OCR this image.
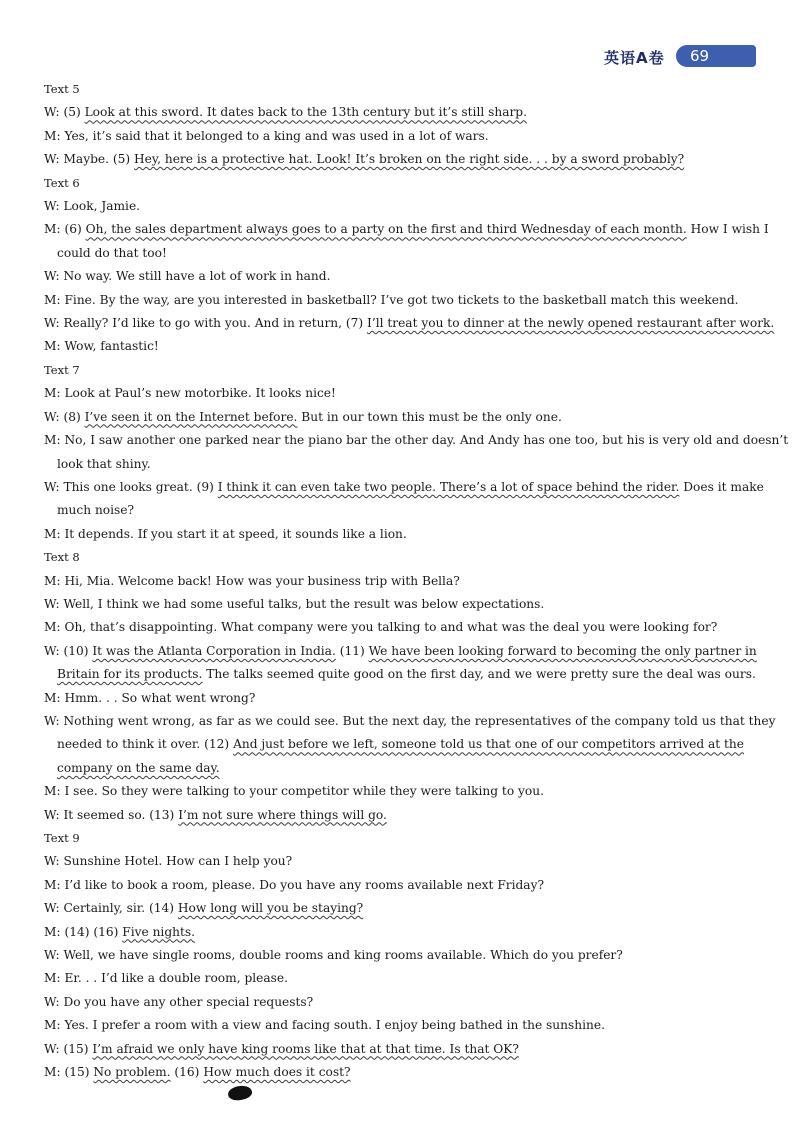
英语A卷 69
Text 5
W: (5) Look at this sword. It dates back to the 13th century but it’s still sharp.
M: Yes, it’s said that it belonged to a king and was used in a lot of wars.
W: Maybe. (5) Hey, here is a protective hat. Look! It’s broken on the right side. . . by a sword probably?
Text 6
W: Look, Jamie.
M: (6) Oh, the sales department always goes to a party on the first and third Wednesday of each month. How I wish I
could do that too!
W: No way. We still have a lot of work in hand.
M: Fine. By the way, are you interested in basketball? I’ve got two tickets to the basketball match this weekend.
W: Really? I’d like to go with you. And in return, (7) I’ll treat you to dinner at the newly opened restaurant after work.
M: Wow, fantastic!
Text 7
M: Look at Paul’s new motorbike. It looks nice!
W: (8) I’ve seen it on the Internet before. But in our town this must be the only one.
M: No, I saw another one parked near the piano bar the other day. And Andy has one too, but his is very old and doesn’t
look that shiny.
W: This one looks great. (9) I think it can even take two people. There’s a lot of space behind the rider. Does it make
much noise?
M: It depends. If you start it at speed, it sounds like a lion.
Text 8
M: Hi, Mia. Welcome back! How was your business trip with Bella?
W: Well, I think we had some useful talks, but the result was below expectations.
M: Oh, that’s disappointing. What company were you talking to and what was the deal you were looking for?
W: (10) It was the Atlanta Corporation in India. (11) We have been looking forward to becoming the only partner in
Britain for its products. The talks seemed quite good on the first day, and we were pretty sure the deal was ours.
M: Hmm. . . So what went wrong?
W: Nothing went wrong, as far as we could see. But the next day, the representatives of the company told us that they
needed to think it over. (12) And just before we left, someone told us that one of our competitors arrived at the
company on the same day.
M: I see. So they were talking to your competitor while they were talking to you.
W: It seemed so. (13) I’m not sure where things will go.
Text 9
W: Sunshine Hotel. How can I help you?
M: I’d like to book a room, please. Do you have any rooms available next Friday?
W: Certainly, sir. (14) How long will you be staying?
M: (14) (16) Five nights.
W: Well, we have single rooms, double rooms and king rooms available. Which do you prefer?
M: Er. . . I’d like a double room, please.
W: Do you have any other special requests?
M: Yes. I prefer a room with a view and facing south. I enjoy being bathed in the sunshine.
W: (15) I’m afraid we only have king rooms like that at that time. Is that OK?
M: (15) No problem. (16) How much does it cost?
